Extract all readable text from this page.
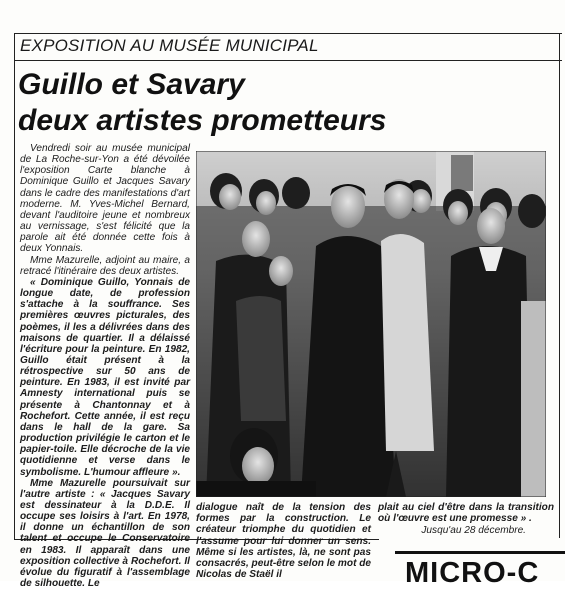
EXPOSITION AU MUSÉE MUNICIPAL
Guillo et Savary
deux artistes prometteurs

Vendredi soir au musée municipal de La Roche-sur-Yon a été dévoilée l'exposition Carte blanche à Dominique Guillo et Jacques Savary dans le cadre des manifestations d'art moderne. M. Yves-Michel Bernard, devant l'auditoire jeune et nombreux au vernissage, s'est félicité que la parole ait été donnée cette fois à deux Yonnais.

Mme Mazurelle, adjoint au maire, a retracé l'itinéraire des deux artistes.

« Dominique Guillo, Yonnais de longue date, de profession s'attache à la souffrance. Ses premières œuvres picturales, des poèmes, il les a délivrées dans des maisons de quartier. Il a délaissé l'écriture pour la peinture. En 1982, Guillo était présent à la rétrospective sur 50 ans de peinture. En 1983, il est invité par Amnesty international puis se présente à Chantonnay et à Rochefort. Cette année, il est reçu dans le hall de la gare. Sa production privilégie le carton et le papier-toile. Elle décroche de la vie quotidienne et verse dans le symbolisme. L'humour affleure ».

Mme Mazurelle poursuivait sur l'autre artiste : « Jacques Savary est dessinateur à la D.D.E. Il occupe ses loisirs à l'art. En 1978, il donne un échantillon de son talent et occupe le Conservatoire en 1983. Il apparaît dans une exposition collective à Rochefort. Il évolue du figuratif à l'assemblage de silhouette. Le

dialogue naît de la tension des formes par la construction. Le créateur triomphe du quotidien et l'assume pour lui donner un sens. Même si les artistes, là, ne sont pas consacrés, peut-être selon le mot de Nicolas de Staël il
plait au ciel d'être dans la transition où l'œuvre est une promesse » .
Jusqu'au 28 décembre.
MICRO-C
